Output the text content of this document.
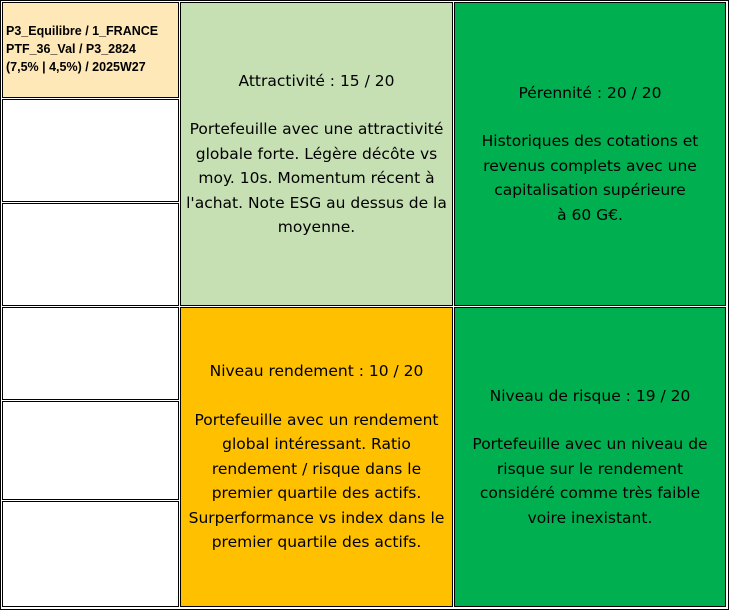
P3_Equilibre / 1_FRANCE
PTF_36_Val / P3_2824
(7,5% | 4,5%) / 2025W27
Attractivité : 15 / 20
Portefeuille avec une attractivité
globale forte. Légère décôte vs
moy. 10s. Momentum récent à
l'achat. Note ESG au dessus de la
moyenne.
Pérennité : 20 / 20
Historiques des cotations et
revenus complets avec une
capitalisation supérieure
à 60 G€.
Niveau rendement : 10 / 20
Portefeuille avec un rendement
global intéressant. Ratio
rendement / risque dans le
premier quartile des actifs.
Surperformance vs index dans le
premier quartile des actifs.
Niveau de risque : 19 / 20
Portefeuille avec un niveau de
risque sur le rendement
considéré comme très faible
voire inexistant.
